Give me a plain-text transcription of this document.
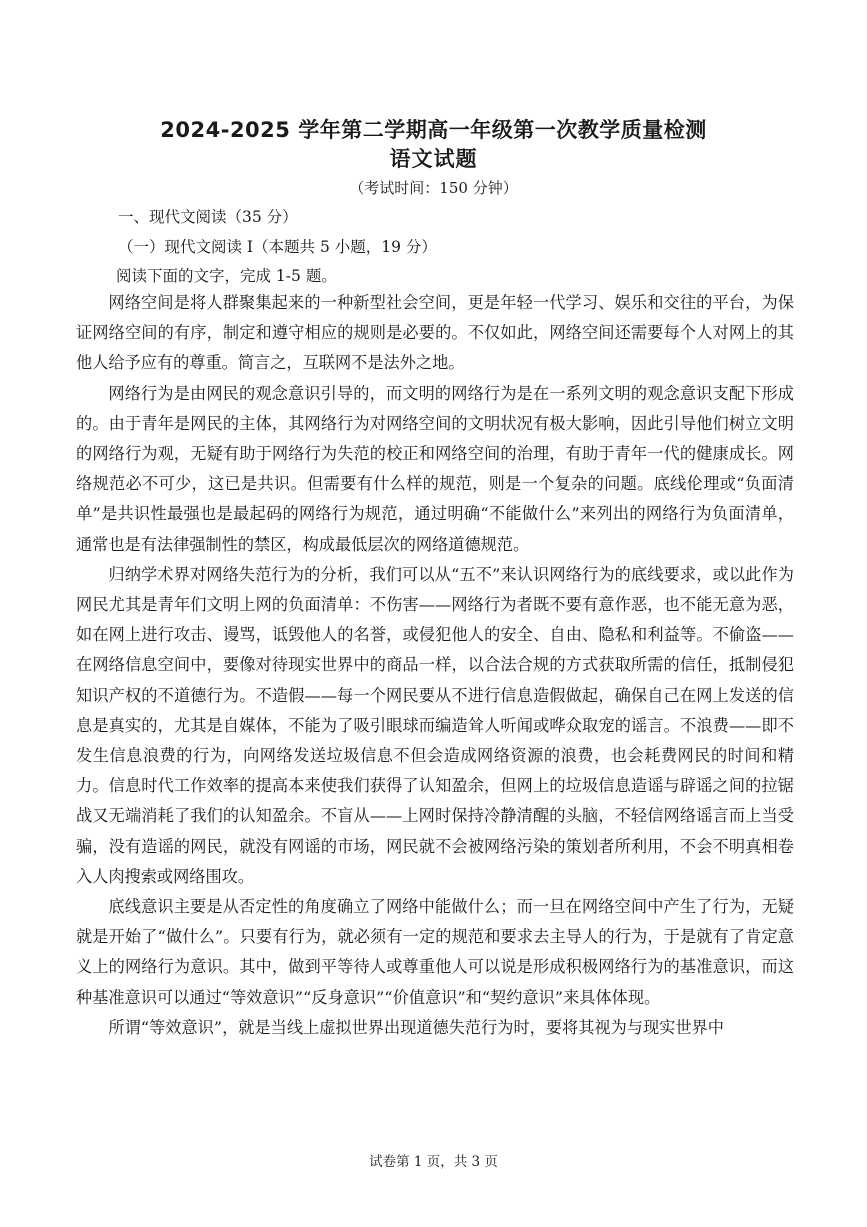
2024-2025 学年第二学期高一年级第一次教学质量检测
语文试题
（考试时间：150 分钟）
一、现代文阅读（35 分）
（一）现代文阅读 I（本题共 5 小题，19 分）
阅读下面的文字，完成 1-5 题。

网络空间是将人群聚集起来的一种新型社会空间，更是年轻一代学习、娱乐和交往的平台，为保证网络空间的有序，制定和遵守相应的规则是必要的。不仅如此，网络空间还需要每个人对网上的其他人给予应有的尊重。简言之，互联网不是法外之地。

网络行为是由网民的观念意识引导的，而文明的网络行为是在一系列文明的观念意识支配下形成的。由于青年是网民的主体，其网络行为对网络空间的文明状况有极大影响，因此引导他们树立文明的网络行为观，无疑有助于网络行为失范的校正和网络空间的治理，有助于青年一代的健康成长。网络规范必不可少，这已是共识。但需要有什么样的规范，则是一个复杂的问题。底线伦理或“负面清单”是共识性最强也是最起码的网络行为规范，通过明确“不能做什么”来列出的网络行为负面清单，通常也是有法律强制性的禁区，构成最低层次的网络道德规范。

归纳学术界对网络失范行为的分析，我们可以从“五不”来认识网络行为的底线要求，或以此作为网民尤其是青年们文明上网的负面清单：不伤害——网络行为者既不要有意作恶，也不能无意为恶，如在网上进行攻击、谩骂，诋毁他人的名誉，或侵犯他人的安全、自由、隐私和利益等。不偷盗——在网络信息空间中，要像对待现实世界中的商品一样，以合法合规的方式获取所需的信任，抵制侵犯知识产权的不道德行为。不造假——每一个网民要从不进行信息造假做起，确保自己在网上发送的信息是真实的，尤其是自媒体，不能为了吸引眼球而编造耸人听闻或哗众取宠的谣言。不浪费——即不发生信息浪费的行为，向网络发送垃圾信息不但会造成网络资源的浪费，也会耗费网民的时间和精力。信息时代工作效率的提高本来使我们获得了认知盈余，但网上的垃圾信息造谣与辟谣之间的拉锯战又无端消耗了我们的认知盈余。不盲从——上网时保持冷静清醒的头脑，不轻信网络谣言而上当受骗，没有造谣的网民，就没有网谣的市场，网民就不会被网络污染的策划者所利用，不会不明真相卷入人肉搜索或网络围攻。

底线意识主要是从否定性的角度确立了网络中能做什么；而一旦在网络空间中产生了行为，无疑就是开始了“做什么”。只要有行为，就必须有一定的规范和要求去主导人的行为，于是就有了肯定意义上的网络行为意识。其中，做到平等待人或尊重他人可以说是形成积极网络行为的基准意识，而这种基准意识可以通过“等效意识”“反身意识”“价值意识”和“契约意识”来具体体现。

所谓“等效意识”，就是当线上虚拟世界出现道德失范行为时，要将其视为与现实世界中

试卷第 1 页，共 3 页
